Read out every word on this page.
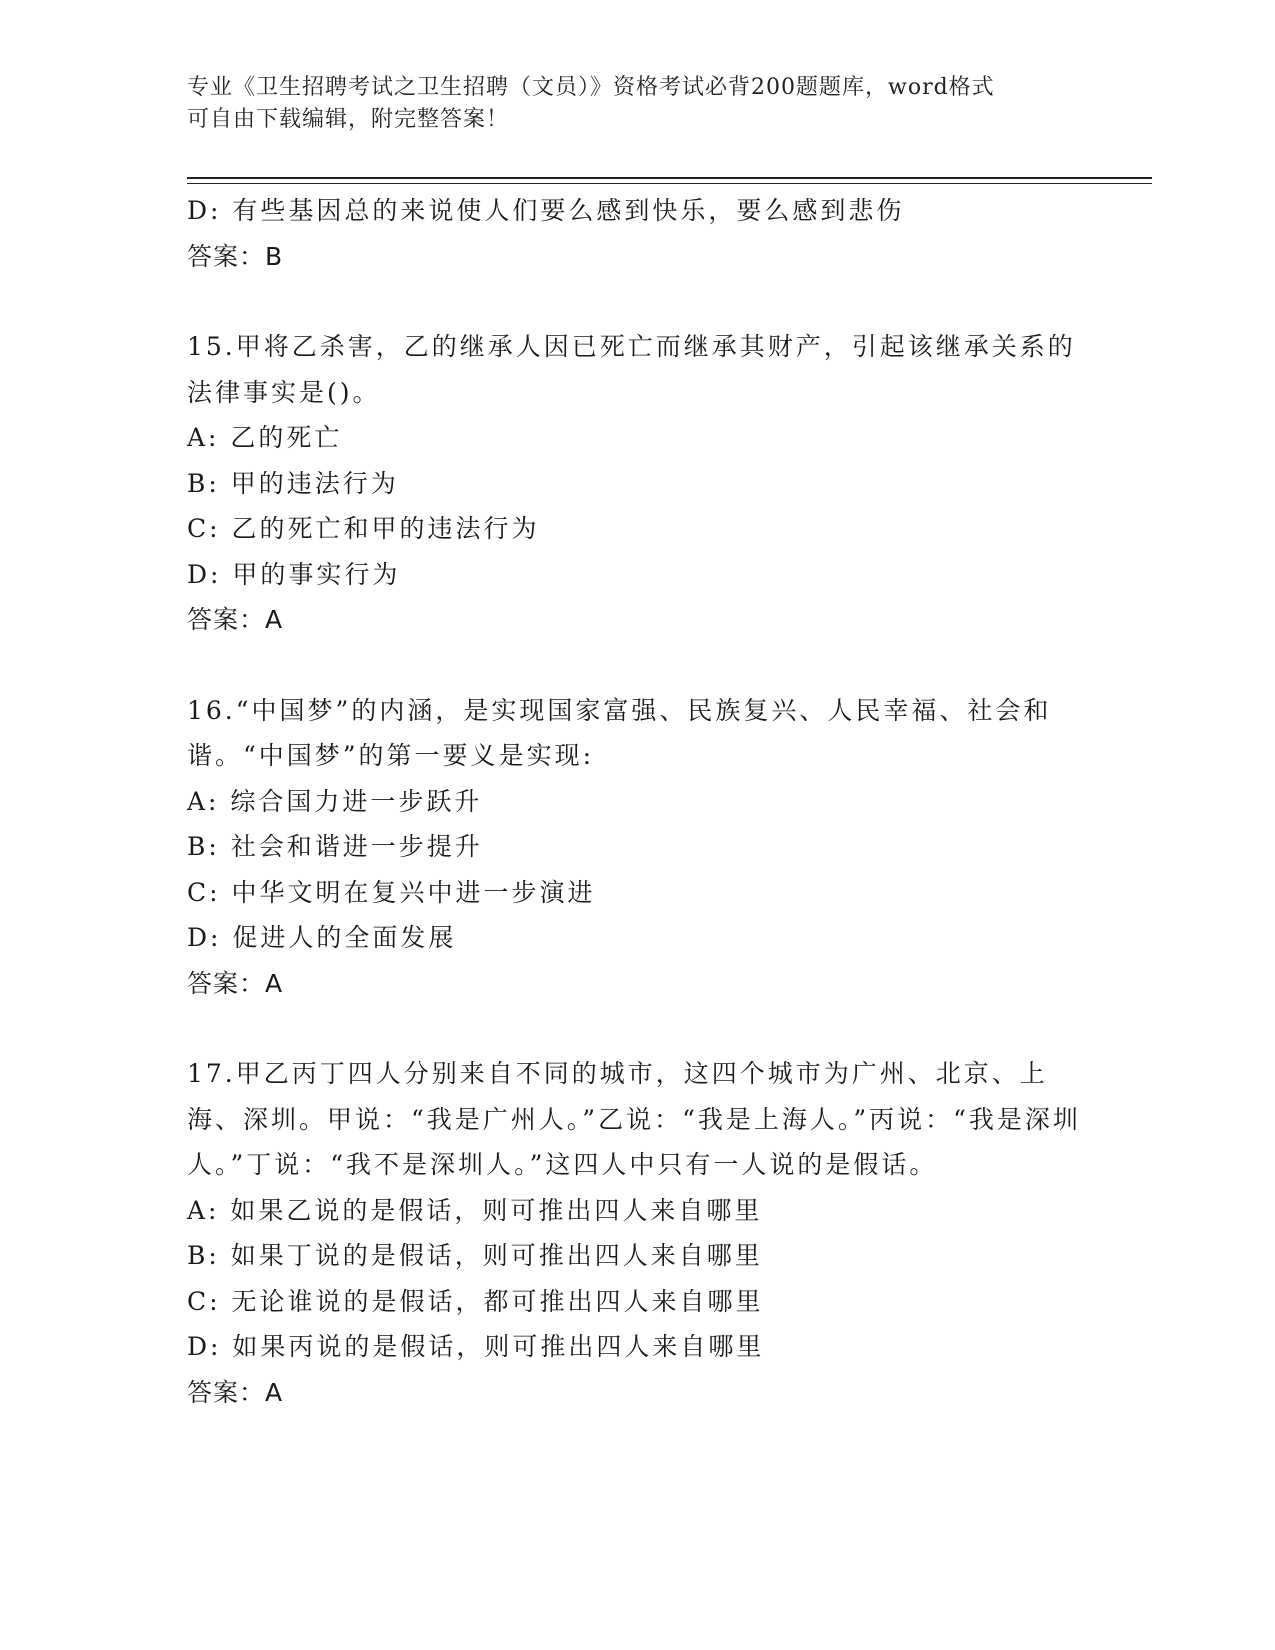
专业《卫生招聘考试之卫生招聘（文员）》资格考试必背200题题库，word格式
可自由下载编辑，附完整答案！
D: 有些基因总的来说使人们要么感到快乐，要么感到悲伤
答案：B
15.甲将乙杀害，乙的继承人因已死亡而继承其财产，引起该继承关系的法律事实是()。
A: 乙的死亡
B: 甲的违法行为
C: 乙的死亡和甲的违法行为
D: 甲的事实行为
答案：A
16.“中国梦”的内涵，是实现国家富强、民族复兴、人民幸福、社会和谐。“中国梦”的第一要义是实现:
A: 综合国力进一步跃升
B: 社会和谐进一步提升
C: 中华文明在复兴中进一步演进
D: 促进人的全面发展
答案：A
17.甲乙丙丁四人分别来自不同的城市，这四个城市为广州、北京、上海、深圳。甲说：“我是广州人。”乙说：“我是上海人。”丙说：“我是深圳人。”丁说：“我不是深圳人。”这四人中只有一人说的是假话。
A: 如果乙说的是假话，则可推出四人来自哪里
B: 如果丁说的是假话，则可推出四人来自哪里
C: 无论谁说的是假话，都可推出四人来自哪里
D: 如果丙说的是假话，则可推出四人来自哪里
答案：A
